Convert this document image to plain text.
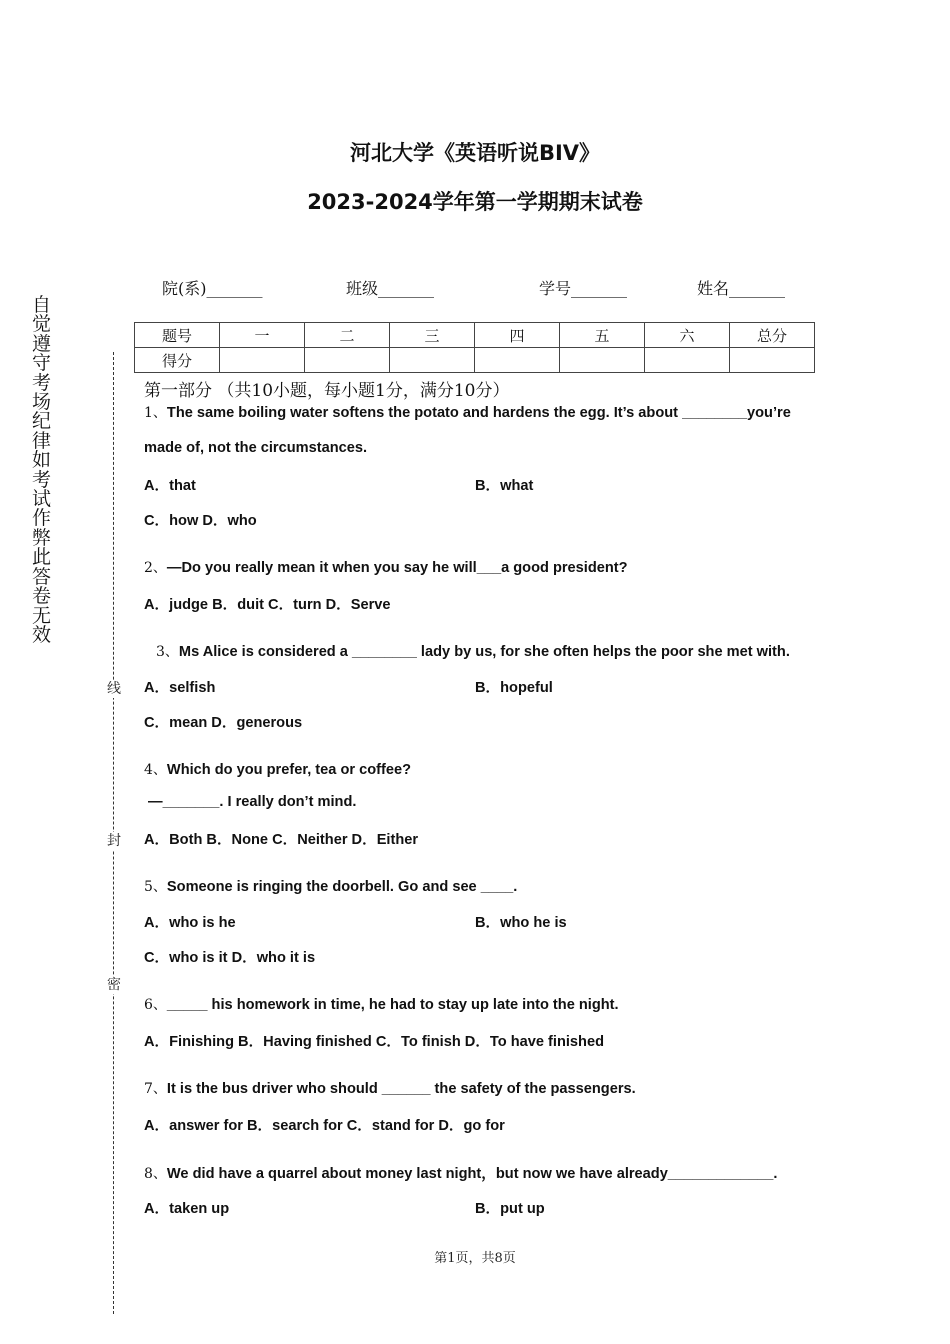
河北大学《英语听说BIV》
2023-2024学年第一学期期末试卷
自觉遵守考场纪律如考试作弊此答卷无效
线
封
密
院(系)_______	班级_______	学号_______	姓名_______
题号	一	二	三	四	五	六	总分
得分							
第一部分 （共10小题，每小题1分，满分10分）
1、The same boiling water softens the potato and hardens the egg. It’s about ________you’re
made of, not the circumstances.
A．that	B．what
C．how D．who
2、—Do you really mean it when you say he will___a good president?
A．judge B．duit C．turn D．Serve
3、Ms Alice is considered a ________ lady by us, for she often helps the poor she met with.
A．selfish	B．hopeful
C．mean D．generous
4、Which do you prefer, tea or coffee?
—_______. I really don’t mind.
A．Both B．None C．Neither D．Either
5、Someone is ringing the doorbell. Go and see ____.
A．who is he	B．who he is
C．who is it D．who it is
6、_____ his homework in time, he had to stay up late into the night.
A．Finishing B．Having finished C．To finish D．To have finished
7、It is the bus driver who should ______ the safety of the passengers.
A．answer for B．search for C．stand for D．go for
8、We did have a quarrel about money last night，but now we have already_____________.
A．taken up	B．put up
第1页，共8页
